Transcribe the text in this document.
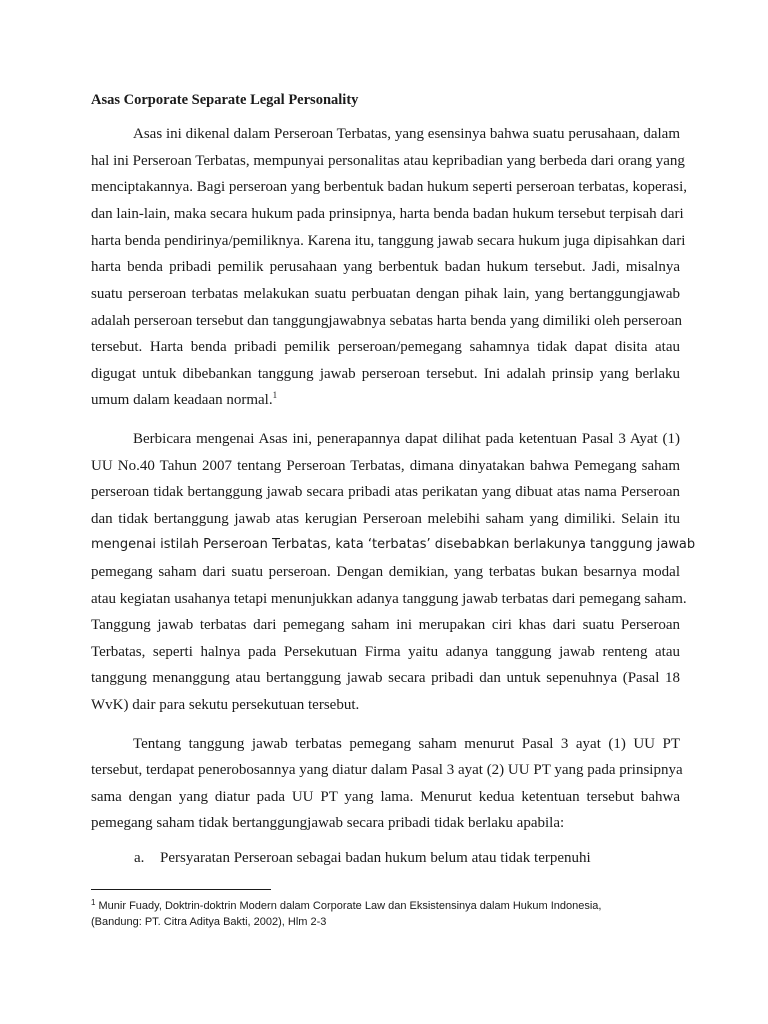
Asas Corporate Separate Legal Personality
Asas ini dikenal dalam Perseroan Terbatas, yang esensinya bahwa suatu perusahaan, dalam
hal ini Perseroan Terbatas, mempunyai personalitas atau kepribadian yang berbeda dari orang yang
menciptakannya. Bagi perseroan yang berbentuk badan hukum seperti perseroan terbatas, koperasi,
dan lain-lain, maka secara hukum pada prinsipnya, harta benda badan hukum tersebut terpisah dari
harta benda pendirinya/pemiliknya. Karena itu, tanggung jawab secara hukum juga dipisahkan dari
harta benda pribadi pemilik perusahaan yang berbentuk badan hukum tersebut. Jadi, misalnya
suatu perseroan terbatas melakukan suatu perbuatan dengan pihak lain, yang bertanggungjawab
adalah perseroan tersebut dan tanggungjawabnya sebatas harta benda yang dimiliki oleh perseroan
tersebut. Harta benda pribadi pemilik perseroan/pemegang sahamnya tidak dapat disita atau
digugat untuk dibebankan tanggung jawab perseroan tersebut. Ini adalah prinsip yang berlaku
umum dalam keadaan normal.$^1$
Berbicara mengenai Asas ini, penerapannya dapat dilihat pada ketentuan Pasal 3 Ayat (1)
UU No.40 Tahun 2007 tentang Perseroan Terbatas, dimana dinyatakan bahwa Pemegang saham
perseroan tidak bertanggung jawab secara pribadi atas perikatan yang dibuat atas nama Perseroan
dan tidak bertanggung jawab atas kerugian Perseroan melebihi saham yang dimiliki. Selain itu
mengenai istilah Perseroan Terbatas, kata ‘terbatas’ disebabkan berlakunya tanggung jawab
pemegang saham dari suatu perseroan. Dengan demikian, yang terbatas bukan besarnya modal
atau kegiatan usahanya tetapi menunjukkan adanya tanggung jawab terbatas dari pemegang saham.
Tanggung jawab terbatas dari pemegang saham ini merupakan ciri khas dari suatu Perseroan
Terbatas, seperti halnya pada Persekutuan Firma yaitu adanya tanggung jawab renteng atau
tanggung menanggung atau bertanggung jawab secara pribadi dan untuk sepenuhnya (Pasal 18
WvK) dair para sekutu persekutuan tersebut.
Tentang tanggung jawab terbatas pemegang saham menurut Pasal 3 ayat (1) UU PT
tersebut, terdapat penerobosannya yang diatur dalam Pasal 3 ayat (2) UU PT yang pada prinsipnya
sama dengan yang diatur pada UU PT yang lama. Menurut kedua ketentuan tersebut bahwa
pemegang saham tidak bertanggungjawab secara pribadi tidak berlaku apabila:
a. Persyaratan Perseroan sebagai badan hukum belum atau tidak terpenuhi
$^1$ Munir Fuady, Doktrin-doktrin Modern dalam Corporate Law dan Eksistensinya dalam Hukum Indonesia,
(Bandung: PT. Citra Aditya Bakti, 2002), Hlm 2-3
